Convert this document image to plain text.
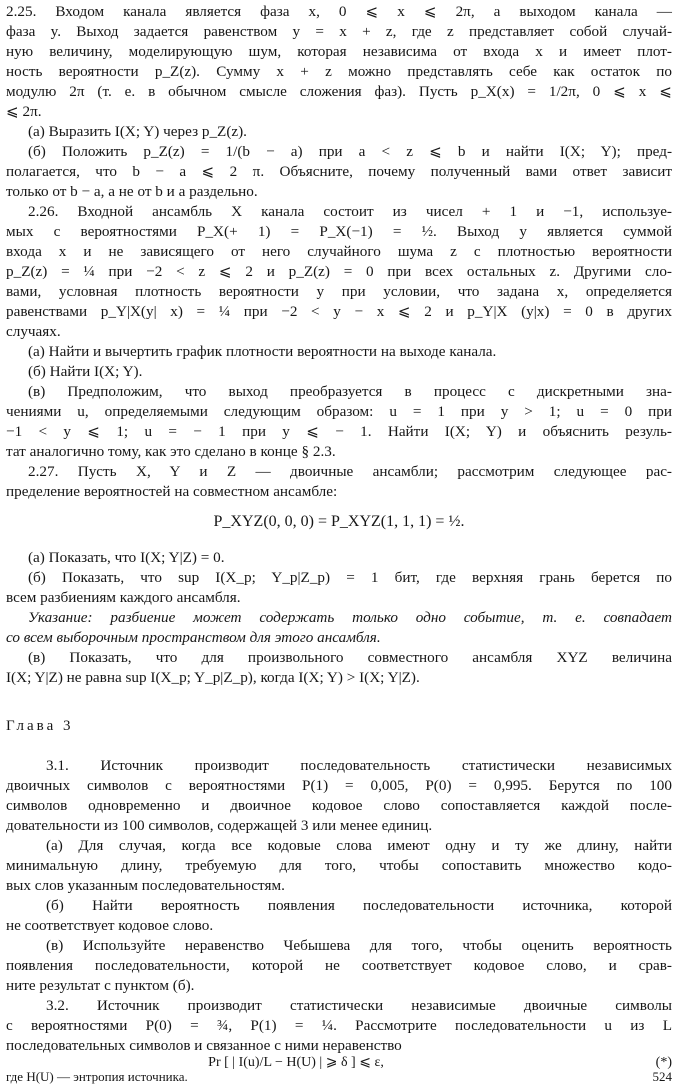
2.25. Входом канала является фаза x, 0 ⩽ x ⩽ 2π, а выходом канала —
фаза y. Выход задается равенством y = x + z, где z представляет собой случай-
ную величину, моделирующую шум, которая независима от входа x и имеет плот-
ность вероятности p_Z(z). Сумму x + z можно представлять себе как остаток по
модулю 2π (т. е. в обычном смысле сложения фаз). Пусть p_X(x) = 1/2π, 0 ⩽ x ⩽
⩽ 2π.
(a) Выразить I(X; Y) через p_Z(z).
(б) Положить p_Z(z) = 1/(b − a) при a < z ⩽ b и найти I(X; Y); пред-
полагается, что b − a ⩽ 2 π. Объясните, почему полученный вами ответ зависит
только от b − a, а не от b и a раздельно.
2.26. Входной ансамбль X канала состоит из чисел + 1 и −1, используе-
мых с вероятностями P_X(+ 1) = P_X(−1) = ½. Выход y является суммой
входа x и не зависящего от него случайного шума z с плотностью вероятности
p_Z(z) = ¼ при −2 < z ⩽ 2 и p_Z(z) = 0 при всех остальных z. Другими сло-
вами, условная плотность вероятности y при условии, что задана x, определяется
равенствами p_Y|X(y| x) = ¼ при −2 < y − x ⩽ 2 и p_Y|X (y|x) = 0 в других
случаях.
(a) Найти и вычертить график плотности вероятности на выходе канала.
(б) Найти I(X; Y).
(в) Предположим, что выход преобразуется в процесс с дискретными зна-
чениями u, определяемыми следующим образом: u = 1 при y > 1; u = 0 при
−1 < y ⩽ 1; u = − 1 при y ⩽ − 1. Найти I(X; Y) и объяснить резуль-
тат аналогично тому, как это сделано в конце § 2.3.
2.27. Пусть X, Y и Z — двоичные ансамбли; рассмотрим следующее рас-
пределение вероятностей на совместном ансамбле:
P_XYZ(0, 0, 0) = P_XYZ(1, 1, 1) = ½.
(a) Показать, что I(X; Y|Z) = 0.
(б) Показать, что sup I(X_p; Y_p|Z_p) = 1 бит, где верхняя грань берется по
всем разбиениям каждого ансамбля.
Указание: разбиение может содержать только одно событие, т. е. совпадает
со всем выборочным пространством для этого ансамбля.
(в) Показать, что для произвольного совместного ансамбля XYZ величина
I(X; Y|Z) не равна sup I(X_p; Y_p|Z_p), когда I(X; Y) > I(X; Y|Z).
Глава 3
3.1. Источник производит последовательность статистически независимых
двоичных символов с вероятностями P(1) = 0,005, P(0) = 0,995. Берутся по 100
символов одновременно и двоичное кодовое слово сопоставляется каждой после-
довательности из 100 символов, содержащей 3 или менее единиц.
(а) Для случая, когда все кодовые слова имеют одну и ту же длину, найти
минимальную длину, требуемую для того, чтобы сопоставить множество кодо-
вых слов указанным последовательностям.
(б) Найти вероятность появления последовательности источника, которой
не соответствует кодовое слово.
(в) Используйте неравенство Чебышева для того, чтобы оценить вероятность
появления последовательности, которой не соответствует кодовое слово, и срав-
ните результат с пунктом (б).
3.2. Источник производит статистически независимые двоичные символы
с вероятностями P(0) = ¾, P(1) = ¼. Рассмотрите последовательности u из L
последовательных символов и связанное с ними неравенство
Pr [ | I(u)/L − H(U) | ⩾ δ ] ⩽ ε,	(*)
где H(U) — энтропия источника.	524
